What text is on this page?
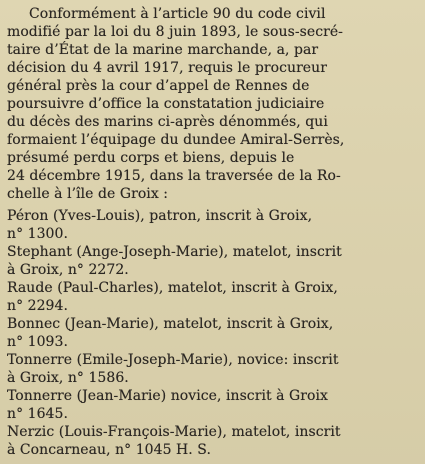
Conformément à l’article 90 du code civil
modifié par la loi du 8 juin 1893, le sous-secré-
taire d’État de la marine marchande, a, par
décision du 4 avril 1917, requis le procureur
général près la cour d’appel de Rennes de
poursuivre d’office la constatation judiciaire
du décès des marins ci-après dénommés, qui
formaient l’équipage du dundee Amiral-Serrès,
présumé perdu corps et biens, depuis le
24 décembre 1915, dans la traversée de la Ro-
chelle à l’île de Groix :
Péron (Yves-Louis), patron, inscrit à Groix,
n° 1300.
Stephant (Ange-Joseph-Marie), matelot, inscrit
à Groix, n° 2272.
Raude (Paul-Charles), matelot, inscrit à Groix,
n° 2294.
Bonnec (Jean-Marie), matelot, inscrit à Groix,
n° 1093.
Tonnerre (Emile-Joseph-Marie), novice: inscrit
à Groix, n° 1586.
Tonnerre (Jean-Marie) novice, inscrit à Groix
n° 1645.
Nerzic (Louis-François-Marie), matelot, inscrit
à Concarneau, n° 1045 H. S.
